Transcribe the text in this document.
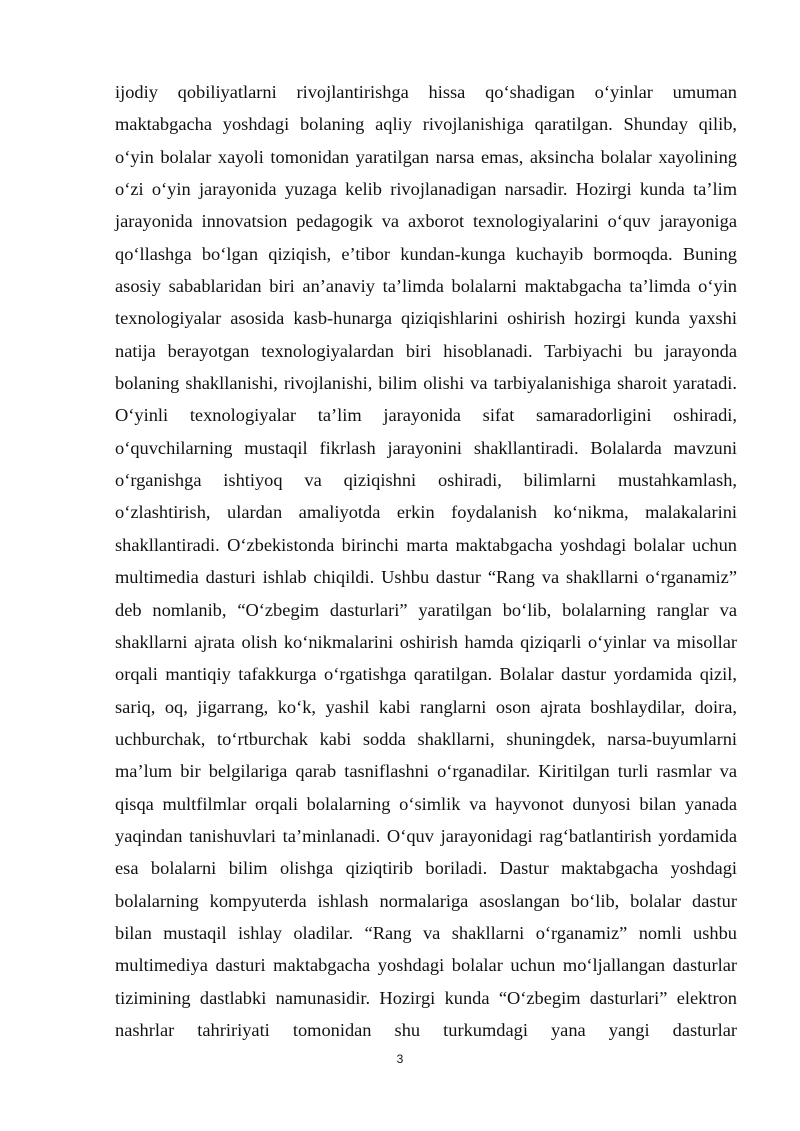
ijodiy qobiliyatlarni rivojlantirishga hissa qo‘shadigan o‘yinlar umuman
maktabgacha yoshdagi bolaning aqliy rivojlanishiga qaratilgan. Shunday qilib,
o‘yin bolalar xayoli tomonidan yaratilgan narsa emas, aksincha bolalar xayolining
o‘zi o‘yin jarayonida yuzaga kelib rivojlanadigan narsadir. Hozirgi kunda ta’lim
jarayonida innovatsion pedagogik va axborot texnologiyalarini o‘quv jarayoniga
qo‘llashga bo‘lgan qiziqish, e’tibor kundan-kunga kuchayib bormoqda. Buning
asosiy sabablaridan biri an’anaviy ta’limda bolalarni maktabgacha ta’limda o‘yin
texnologiyalar asosida kasb-hunarga qiziqishlarini oshirish hozirgi kunda yaxshi
natija berayotgan texnologiyalardan biri hisoblanadi. Tarbiyachi bu jarayonda
bolaning shakllanishi, rivojlanishi, bilim olishi va tarbiyalanishiga sharoit yaratadi.
O‘yinli texnologiyalar ta’lim jarayonida sifat samaradorligini oshiradi,
o‘quvchilarning mustaqil fikrlash jarayonini shakllantiradi. Bolalarda mavzuni
o‘rganishga ishtiyoq va qiziqishni oshiradi, bilimlarni mustahkamlash,
o‘zlashtirish, ulardan amaliyotda erkin foydalanish ko‘nikma, malakalarini
shakllantiradi. O‘zbekistonda birinchi marta maktabgacha yoshdagi bolalar uchun
multimedia dasturi ishlab chiqildi. Ushbu dastur “Rang va shakllarni o‘rganamiz”
deb nomlanib, “O‘zbegim dasturlari” yaratilgan bo‘lib, bolalarning ranglar va
shakllarni ajrata olish ko‘nikmalarini oshirish hamda qiziqarli o‘yinlar va misollar
orqali mantiqiy tafakkurga o‘rgatishga qaratilgan. Bolalar dastur yordamida qizil,
sariq, oq, jigarrang, ko‘k, yashil kabi ranglarni oson ajrata boshlaydilar, doira,
uchburchak, to‘rtburchak kabi sodda shakllarni, shuningdek, narsa-buyumlarni
ma’lum bir belgilariga qarab tasniflashni o‘rganadilar. Kiritilgan turli rasmlar va
qisqa multfilmlar orqali bolalarning o‘simlik va hayvonot dunyosi bilan yanada
yaqindan tanishuvlari ta’minlanadi. O‘quv jarayonidagi rag‘batlantirish yordamida
esa bolalarni bilim olishga qiziqtirib boriladi. Dastur maktabgacha yoshdagi
bolalarning kompyuterda ishlash normalariga asoslangan bo‘lib, bolalar dastur
bilan mustaqil ishlay oladilar. “Rang va shakllarni o‘rganamiz” nomli ushbu
multimediya dasturi maktabgacha yoshdagi bolalar uchun mo‘ljallangan dasturlar
tizimining dastlabki namunasidir. Hozirgi kunda “O‘zbegim dasturlari” elektron
nashrlar tahririyati tomonidan shu turkumdagi yana yangi dasturlar
3
